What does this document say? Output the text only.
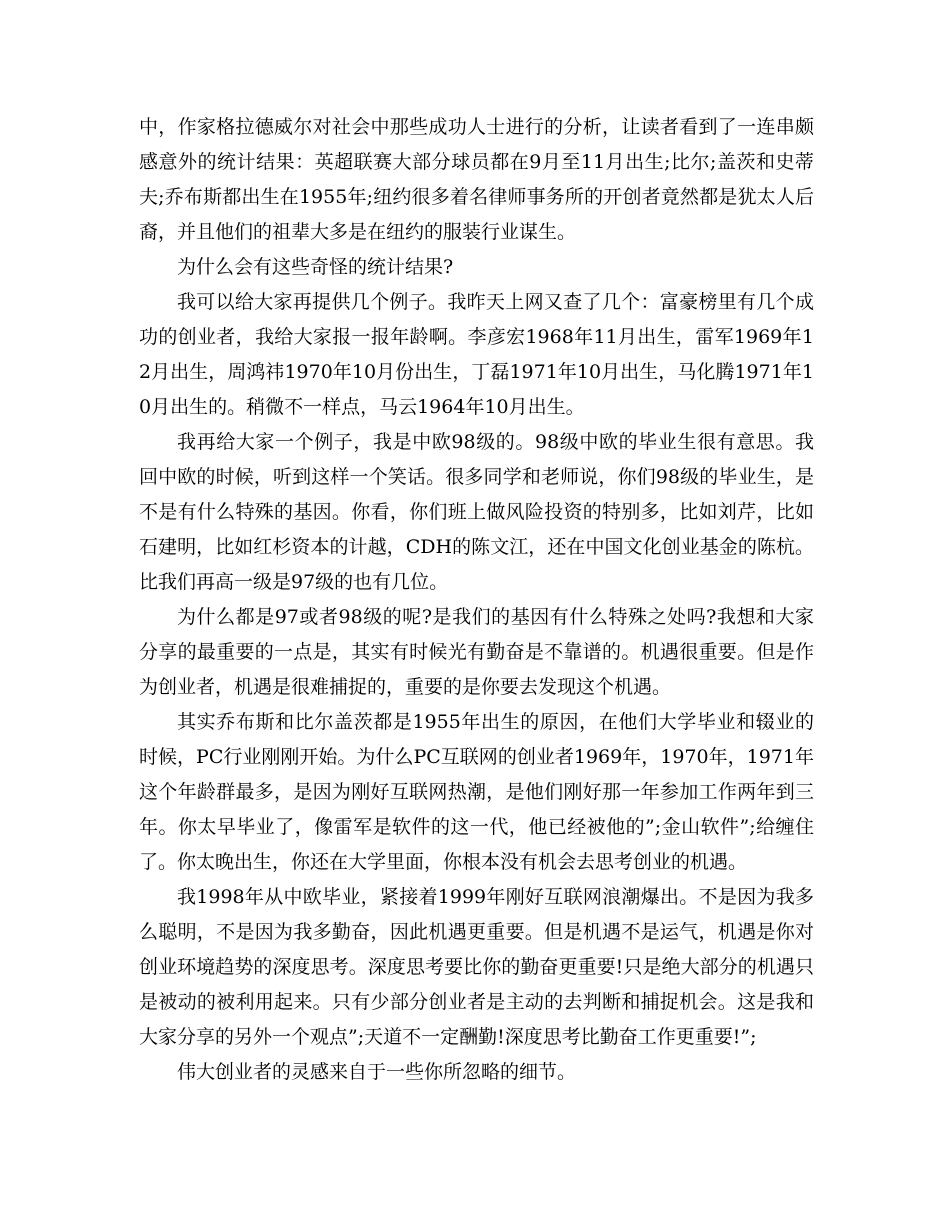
中，作家格拉德威尔对社会中那些成功人士进行的分析，让读者看到了一连串颇感意外的统计结果：英超联赛大部分球员都在9月至11月出生;比尔;盖茨和史蒂夫;乔布斯都出生在1955年;纽约很多着名律师事务所的开创者竟然都是犹太人后裔，并且他们的祖辈大多是在纽约的服装行业谋生。

为什么会有这些奇怪的统计结果?

我可以给大家再提供几个例子。我昨天上网又查了几个：富豪榜里有几个成功的创业者，我给大家报一报年龄啊。李彦宏1968年11月出生，雷军1969年12月出生，周鸿祎1970年10月份出生，丁磊1971年10月出生，马化腾1971年10月出生的。稍微不一样点，马云1964年10月出生。

我再给大家一个例子，我是中欧98级的。98级中欧的毕业生很有意思。我回中欧的时候，听到这样一个笑话。很多同学和老师说，你们98级的毕业生，是不是有什么特殊的基因。你看，你们班上做风险投资的特别多，比如刘芹，比如石建明，比如红杉资本的计越，CDH的陈文江，还在中国文化创业基金的陈杭。比我们再高一级是97级的也有几位。

为什么都是97或者98级的呢?是我们的基因有什么特殊之处吗?我想和大家分享的最重要的一点是，其实有时候光有勤奋是不靠谱的。机遇很重要。但是作为创业者，机遇是很难捕捉的，重要的是你要去发现这个机遇。

其实乔布斯和比尔盖茨都是1955年出生的原因，在他们大学毕业和辍业的时候，PC行业刚刚开始。为什么PC互联网的创业者1969年，1970年，1971年这个年龄群最多，是因为刚好互联网热潮，是他们刚好那一年参加工作两年到三年。你太早毕业了，像雷军是软件的这一代，他已经被他的”;金山软件”;给缠住了。你太晚出生，你还在大学里面，你根本没有机会去思考创业的机遇。

我1998年从中欧毕业，紧接着1999年刚好互联网浪潮爆出。不是因为我多么聪明，不是因为我多勤奋，因此机遇更重要。但是机遇不是运气，机遇是你对创业环境趋势的深度思考。深度思考要比你的勤奋更重要!只是绝大部分的机遇只是被动的被利用起来。只有少部分创业者是主动的去判断和捕捉机会。这是我和大家分享的另外一个观点”;天道不一定酬勤!深度思考比勤奋工作更重要!”;

伟大创业者的灵感来自于一些你所忽略的细节。
